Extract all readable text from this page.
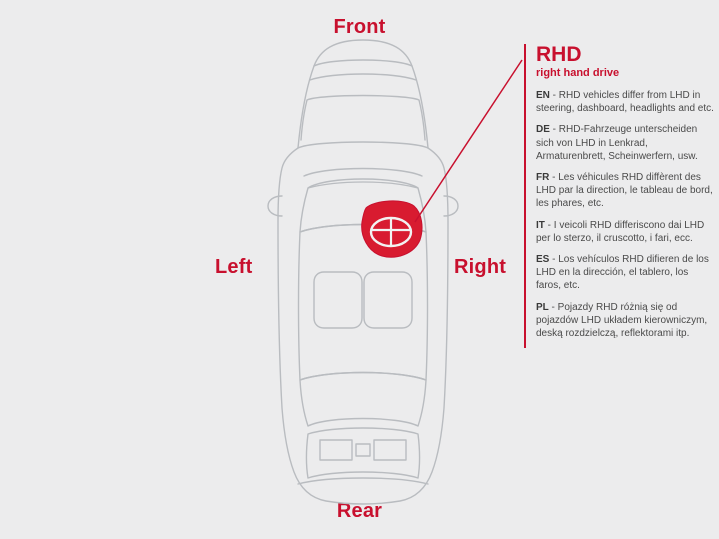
Front
Rear
Left	Right
RHD
right hand drive
EN - RHD vehicles differ from LHD in steering, dashboard, headlights and etc.
DE - RHD-Fahrzeuge unterscheiden sich von LHD in Lenkrad, Armaturenbrett, Scheinwerfern, usw.
FR - Les véhicules RHD diffèrent des LHD par la direction, le tableau de bord, les phares, etc.
IT - I veicoli RHD differiscono dai LHD per lo sterzo, il cruscotto, i fari, ecc.
ES - Los vehículos RHD difieren de los LHD en la dirección, el tablero, los faros, etc.
PL - Pojazdy RHD różnią się od pojazdów LHD układem kierowniczym, deską rozdzielczą, reflektorami itp.
